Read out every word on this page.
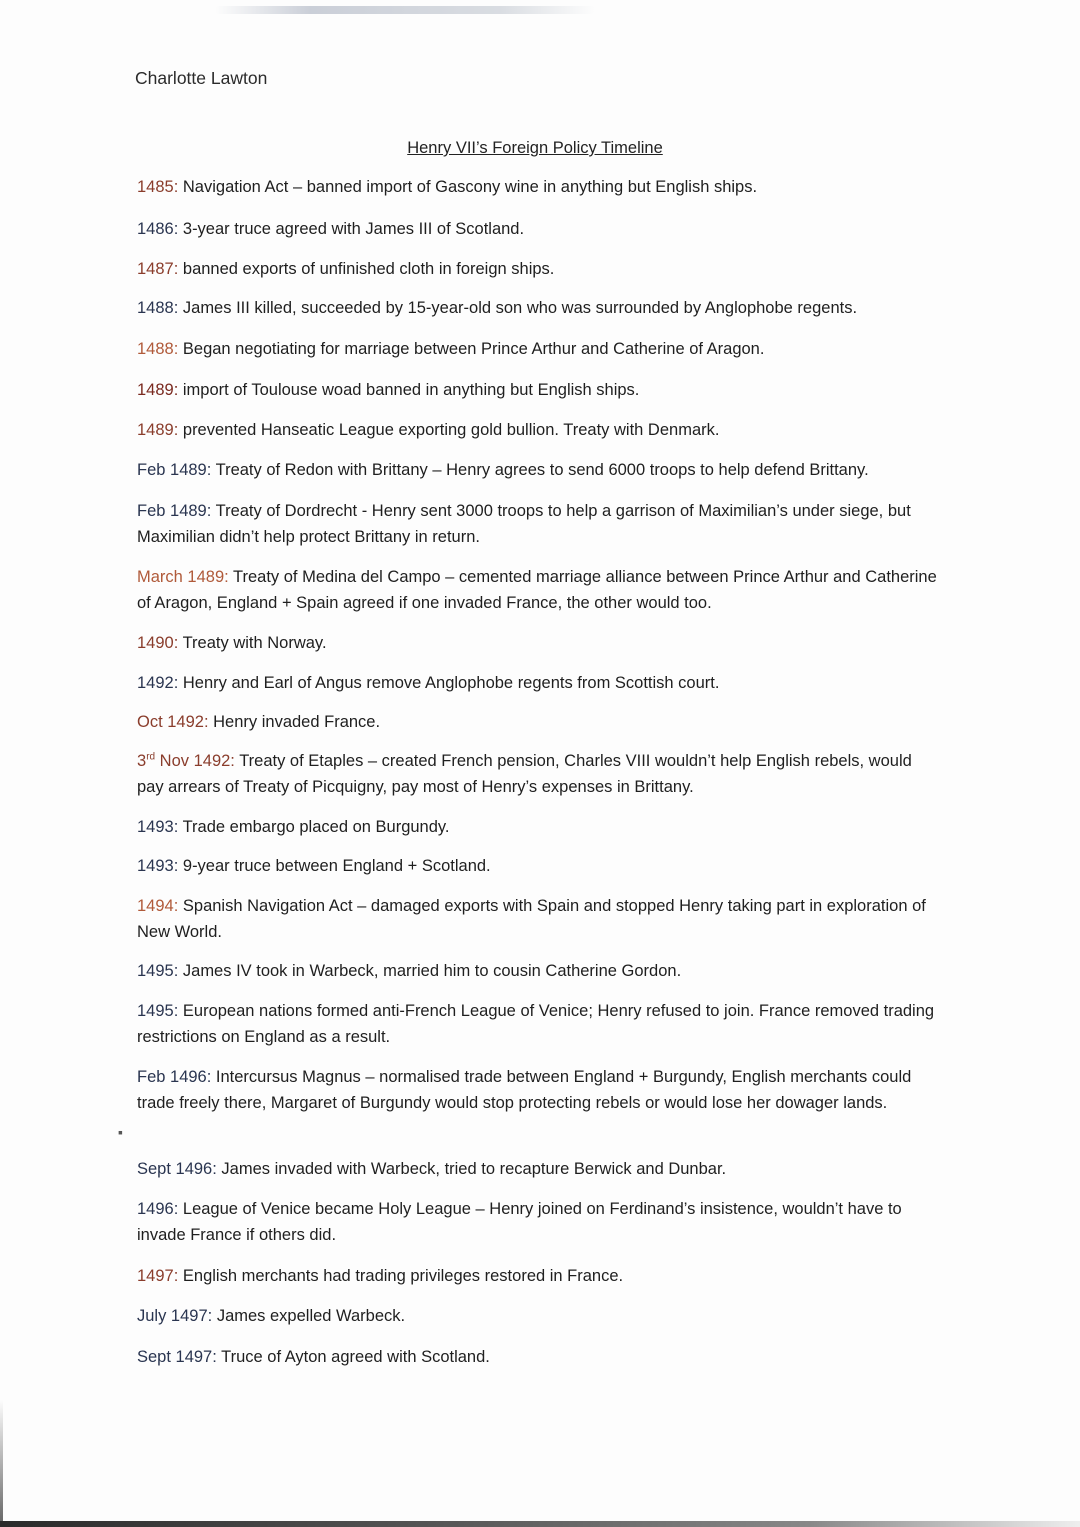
Charlotte Lawton
Henry VII’s Foreign Policy Timeline
1485: Navigation Act – banned import of Gascony wine in anything but English ships.
1486: 3-year truce agreed with James III of Scotland.
1487: banned exports of unfinished cloth in foreign ships.
1488: James III killed, succeeded by 15-year-old son who was surrounded by Anglophobe regents.
1488: Began negotiating for marriage between Prince Arthur and Catherine of Aragon.
1489: import of Toulouse woad banned in anything but English ships.
1489: prevented Hanseatic League exporting gold bullion. Treaty with Denmark.
Feb 1489: Treaty of Redon with Brittany – Henry agrees to send 6000 troops to help defend Brittany.
Feb 1489: Treaty of Dordrecht - Henry sent 3000 troops to help a garrison of Maximilian’s under siege, but Maximilian didn’t help protect Brittany in return.
March 1489: Treaty of Medina del Campo – cemented marriage alliance between Prince Arthur and Catherine of Aragon, England + Spain agreed if one invaded France, the other would too.
1490: Treaty with Norway.
1492: Henry and Earl of Angus remove Anglophobe regents from Scottish court.
Oct 1492: Henry invaded France.
3rd Nov 1492: Treaty of Etaples – created French pension, Charles VIII wouldn’t help English rebels, would pay arrears of Treaty of Picquigny, pay most of Henry’s expenses in Brittany.
1493: Trade embargo placed on Burgundy.
1493: 9-year truce between England + Scotland.
1494: Spanish Navigation Act – damaged exports with Spain and stopped Henry taking part in exploration of New World.
1495: James IV took in Warbeck, married him to cousin Catherine Gordon.
1495: European nations formed anti-French League of Venice; Henry refused to join. France removed trading restrictions on England as a result.
Feb 1496: Intercursus Magnus – normalised trade between England + Burgundy, English merchants could trade freely there, Margaret of Burgundy would stop protecting rebels or would lose her dowager lands.
Sept 1496: James invaded with Warbeck, tried to recapture Berwick and Dunbar.
1496: League of Venice became Holy League – Henry joined on Ferdinand’s insistence, wouldn’t have to invade France if others did.
1497: English merchants had trading privileges restored in France.
July 1497: James expelled Warbeck.
Sept 1497: Truce of Ayton agreed with Scotland.
▪
